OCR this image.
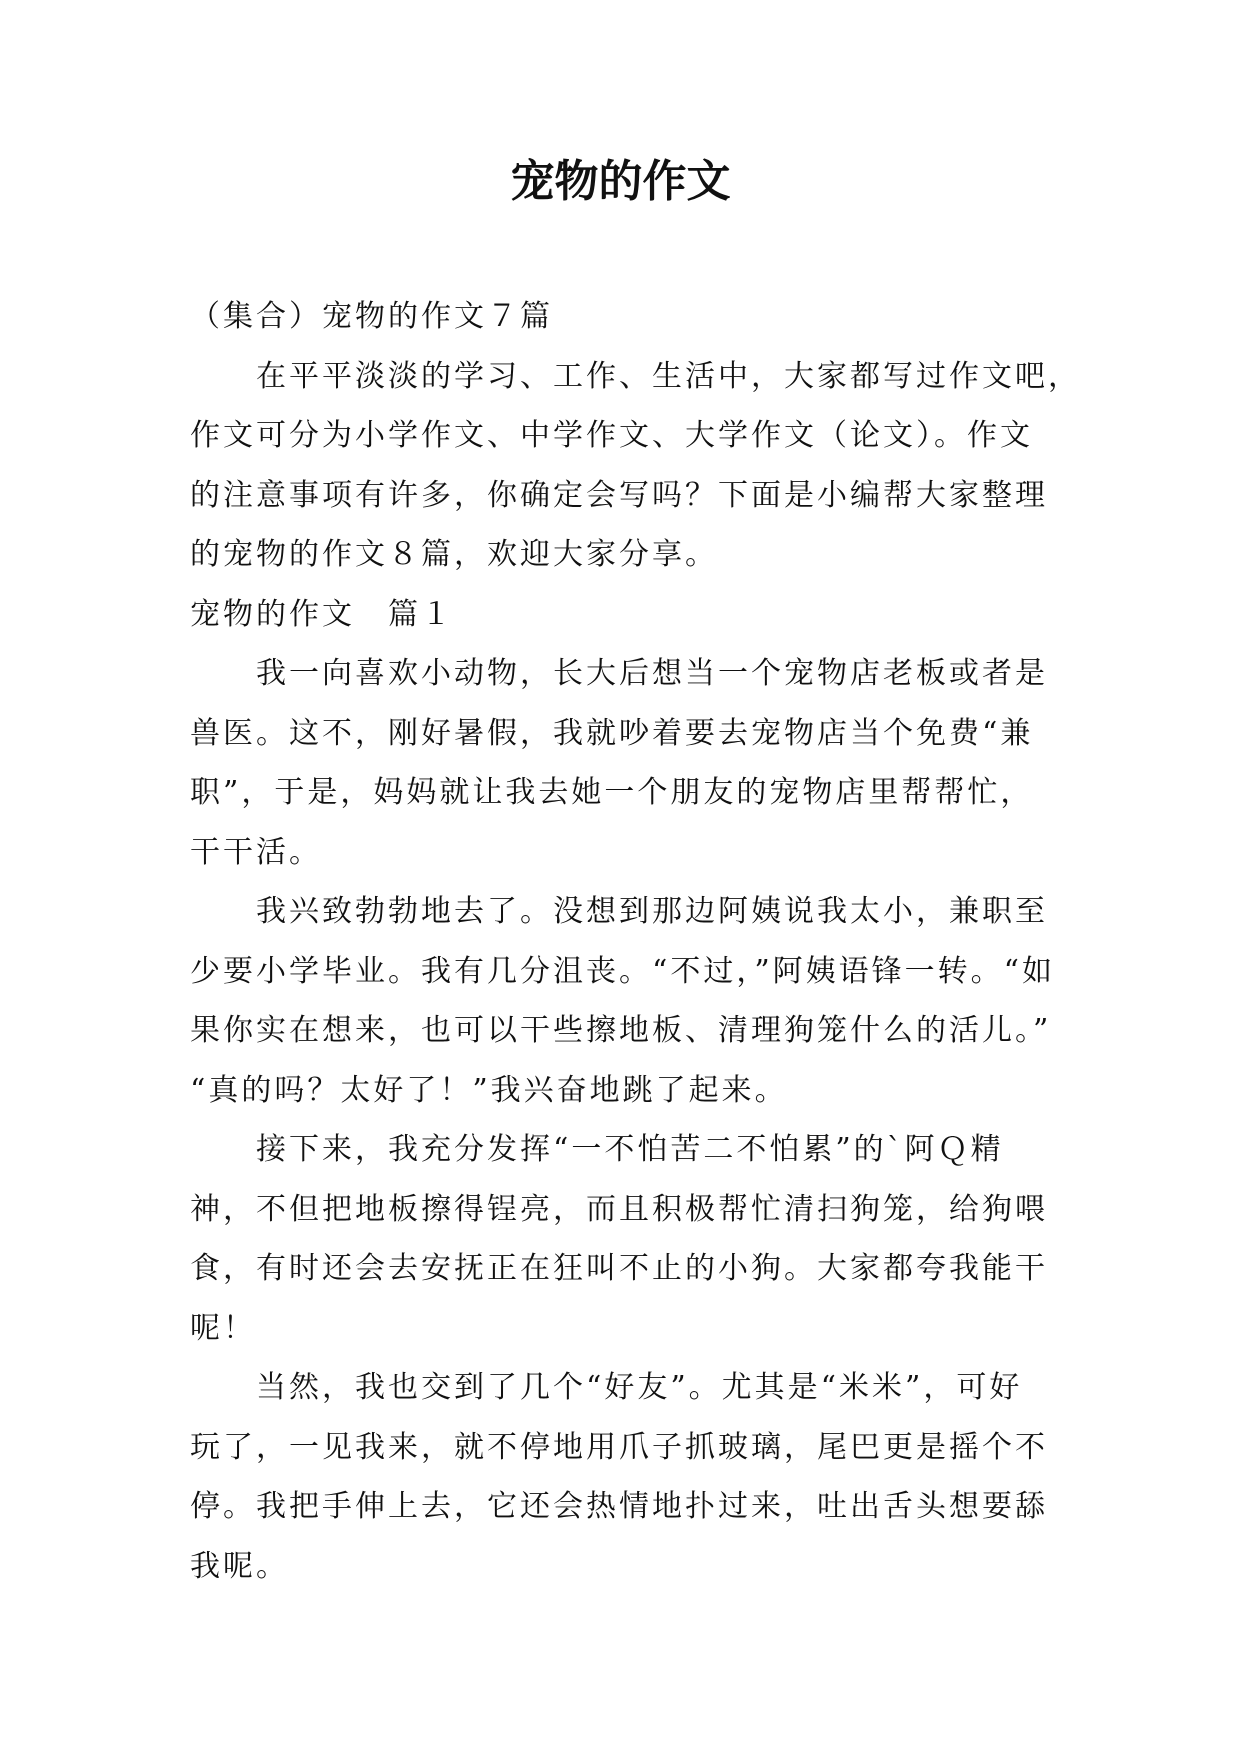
宠物的作文

（集合）宠物的作文７篇

在平平淡淡的学习、工作、生活中，大家都写过作文吧，

作文可分为小学作文、中学作文、大学作文（论文）。作文

的注意事项有许多，你确定会写吗？下面是小编帮大家整理

的宠物的作文８篇，欢迎大家分享。

宠物的作文　篇１

我一向喜欢小动物，长大后想当一个宠物店老板或者是

兽医。这不，刚好暑假，我就吵着要去宠物店当个免费“兼

职”，于是，妈妈就让我去她一个朋友的宠物店里帮帮忙，

干干活。

我兴致勃勃地去了。没想到那边阿姨说我太小，兼职至

少要小学毕业。我有几分沮丧。“不过，”阿姨语锋一转。“如

果你实在想来，也可以干些擦地板、清理狗笼什么的活儿。”

“真的吗？太好了！”我兴奋地跳了起来。

接下来，我充分发挥“一不怕苦二不怕累”的`阿Ｑ精

神，不但把地板擦得锃亮，而且积极帮忙清扫狗笼，给狗喂

食，有时还会去安抚正在狂叫不止的小狗。大家都夸我能干

呢！

当然，我也交到了几个“好友”。尤其是“米米”，可好

玩了，一见我来，就不停地用爪子抓玻璃，尾巴更是摇个不

停。我把手伸上去，它还会热情地扑过来，吐出舌头想要舔

我呢。
